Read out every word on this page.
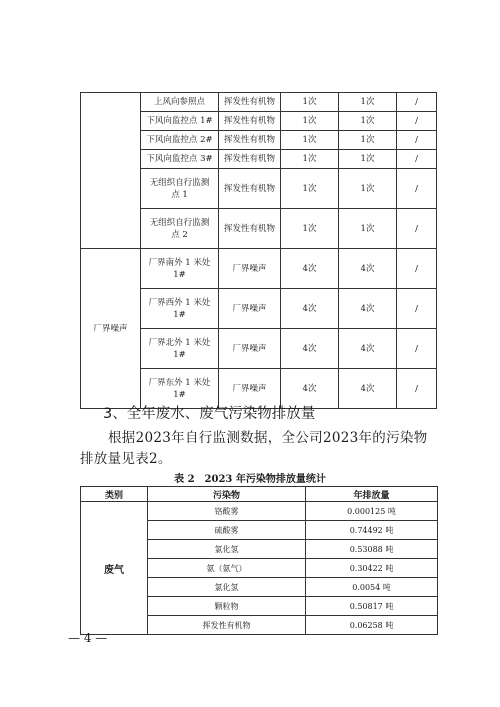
	上风向参照点	挥发性有机物	1次	1次	/
	下风向监控点 1#	挥发性有机物	1次	1次	/
	下风向监控点 2#	挥发性有机物	1次	1次	/
	下风向监控点 3#	挥发性有机物	1次	1次	/
	无组织自行监测点 1	挥发性有机物	1次	1次	/
	无组织自行监测点 2	挥发性有机物	1次	1次	/
厂界噪声	厂界南外 1 米处 1#	厂界噪声	4次	4次	/
	厂界西外 1 米处 1#	厂界噪声	4次	4次	/
	厂界北外 1 米处 1#	厂界噪声	4次	4次	/
	厂界东外 1 米处 1#	厂界噪声	4次	4次	/
3、全年废水、废气污染物排放量
根据2023年自行监测数据，全公司2023年的污染物排放量见表2。
表 2　2023 年污染物排放量统计
类别	污染物	年排放量
废气	铬酸雾	0.000125 吨
	硫酸雾	0.74492 吨
	氯化氢	0.53088 吨
	氨（氨气）	0.30422 吨
	氯化氢	0.0054 吨
	颗粒物	0.50817 吨
	挥发性有机物	0.06258 吨
— 4 —
